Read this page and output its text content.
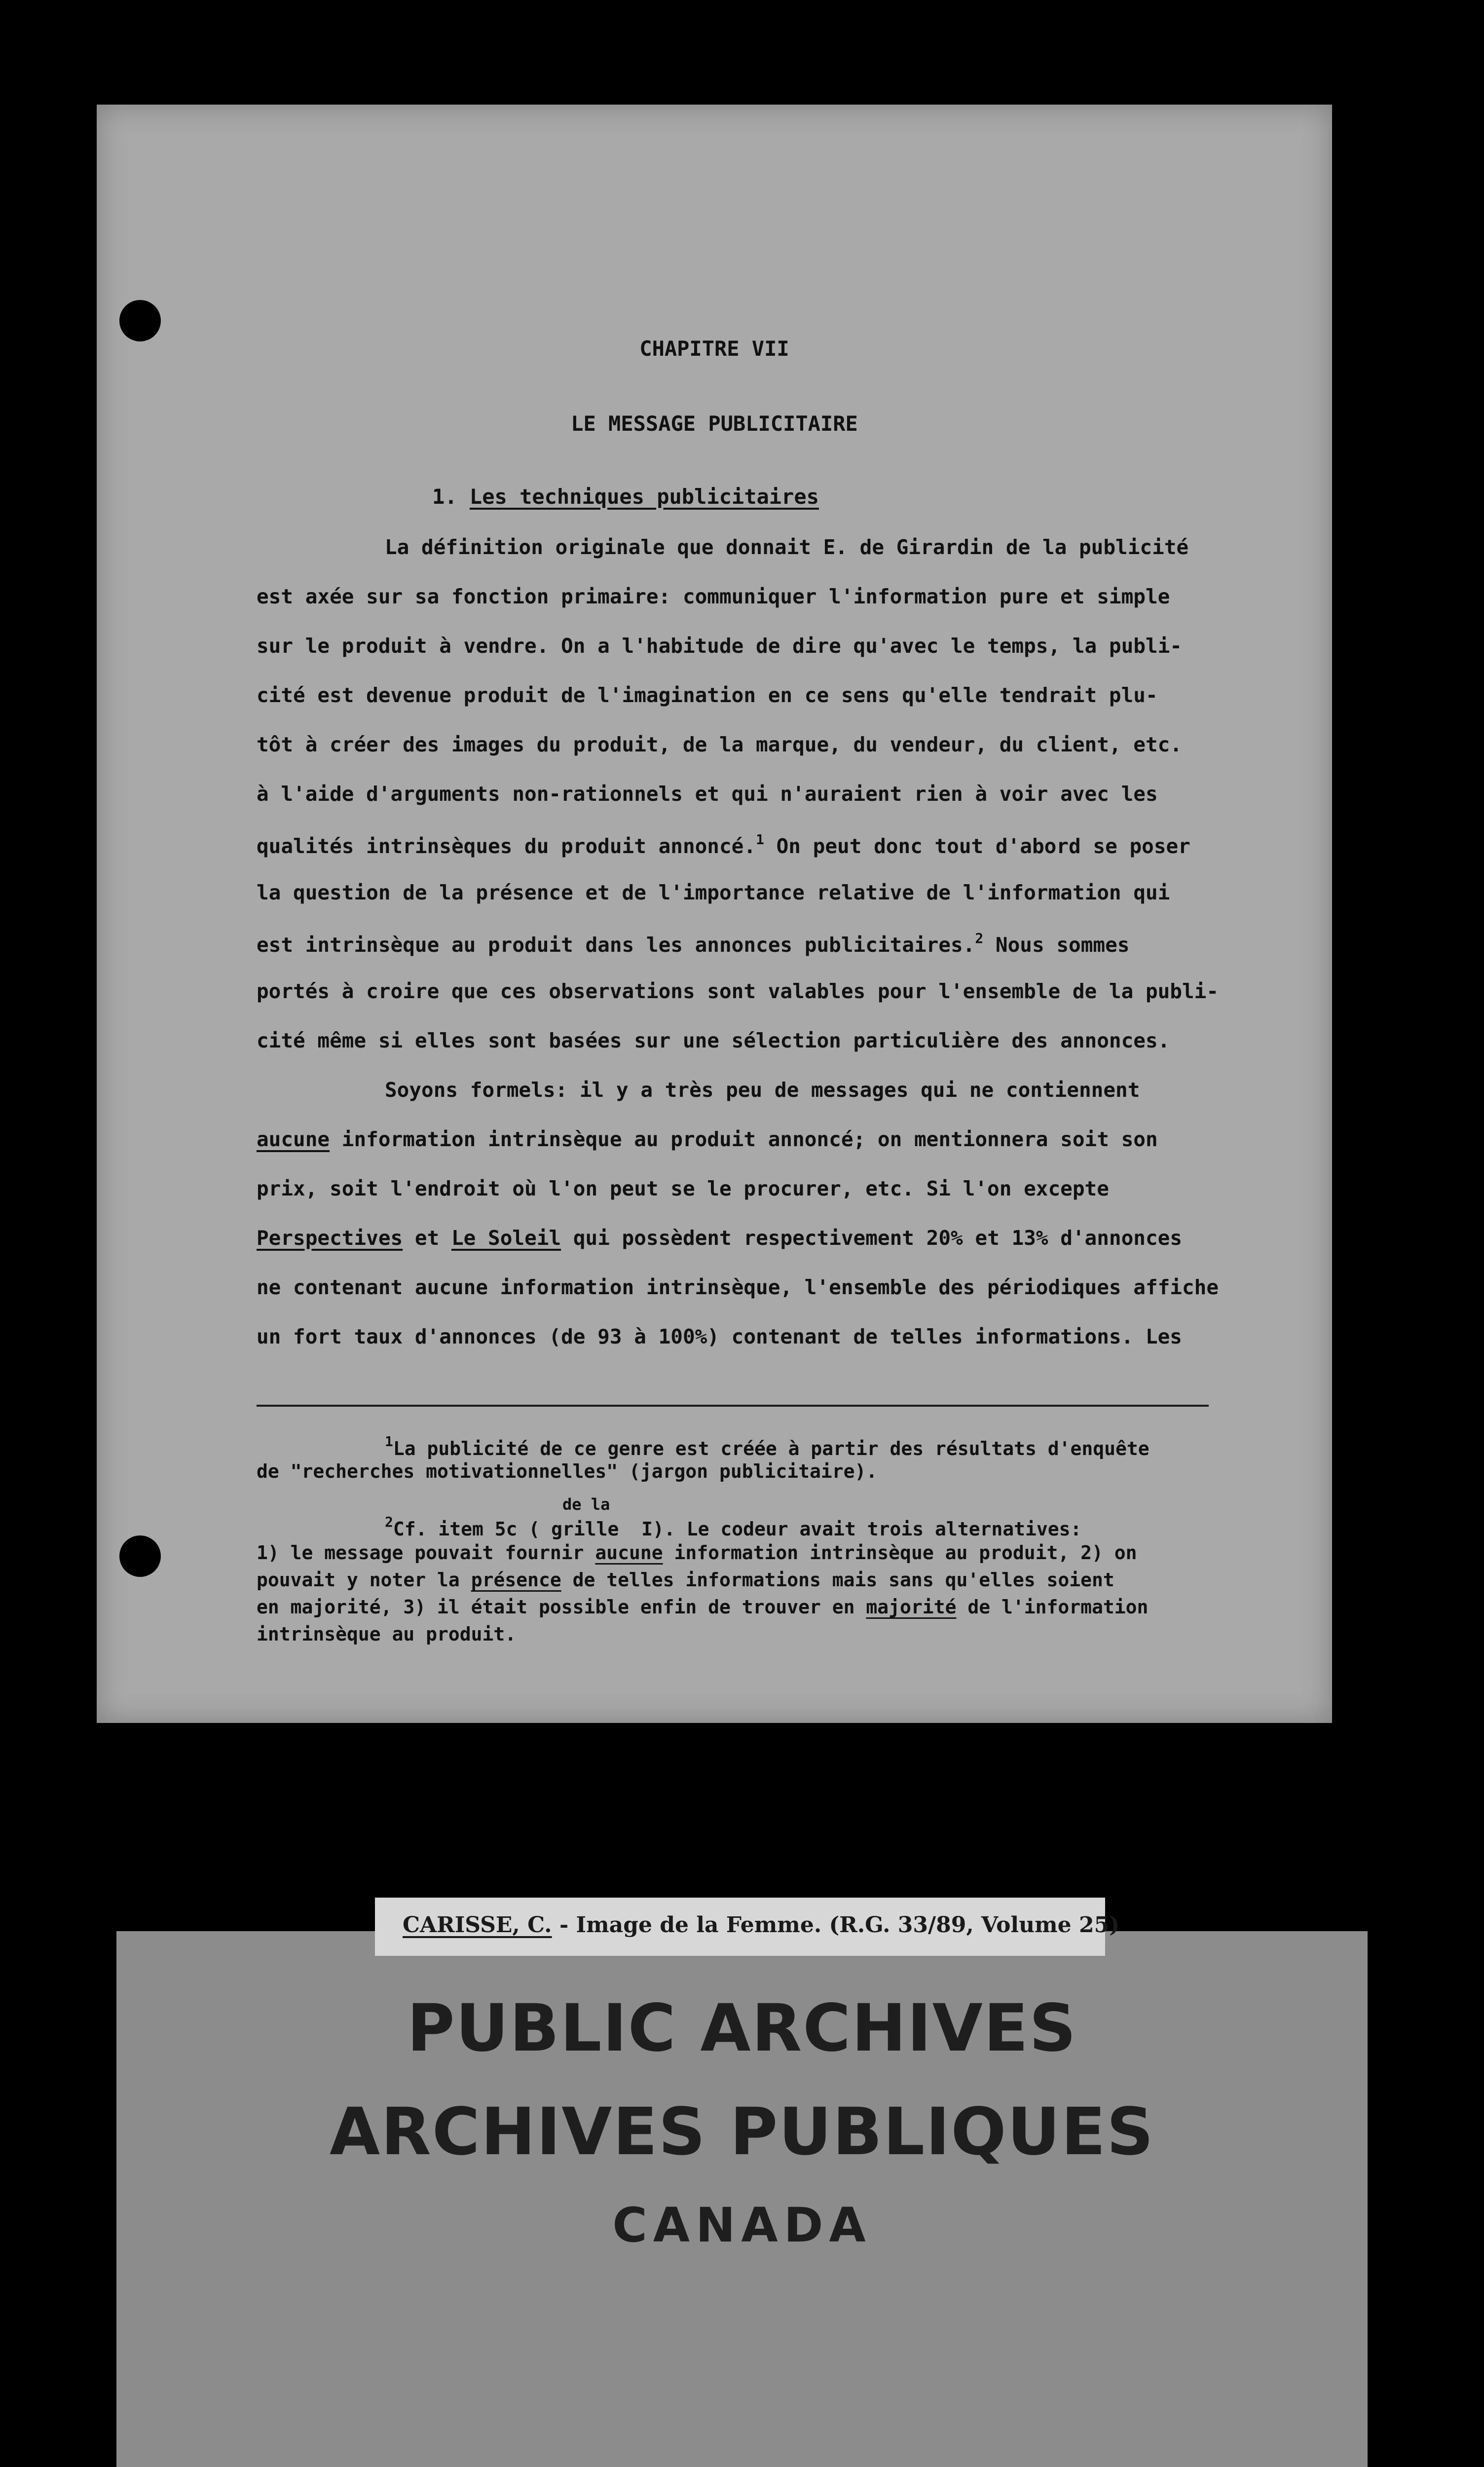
CHAPITRE VII
LE MESSAGE PUBLICITAIRE
1. Les techniques publicitaires
La définition originale que donnait E. de Girardin de la publicité
est axée sur sa fonction primaire: communiquer l'information pure et simple
sur le produit à vendre. On a l'habitude de dire qu'avec le temps, la publi-
cité est devenue produit de l'imagination en ce sens qu'elle tendrait plu-
tôt à créer des images du produit, de la marque, du vendeur, du client, etc.
à l'aide d'arguments non-rationnels et qui n'auraient rien à voir avec les
qualités intrinsèques du produit annoncé.$^1$ On peut donc tout d'abord se poser
la question de la présence et de l'importance relative de l'information qui
est intrinsèque au produit dans les annonces publicitaires.$^2$ Nous sommes
portés à croire que ces observations sont valables pour l'ensemble de la publi-
cité même si elles sont basées sur une sélection particulière des annonces.
Soyons formels: il y a très peu de messages qui ne contiennent
aucune information intrinsèque au produit annoncé; on mentionnera soit son
prix, soit l'endroit où l'on peut se le procurer, etc. Si l'on excepte
Perspectives et Le Soleil qui possèdent respectivement 20% et 13% d'annonces
ne contenant aucune information intrinsèque, l'ensemble des périodiques affiche
un fort taux d'annonces (de 93 à 100%) contenant de telles informations. Les
$^1$La publicité de ce genre est créée à partir des résultats d'enquête
de "recherches motivationnelles" (jargon publicitaire).
de la
$^2$Cf. item 5c ( grille  I). Le codeur avait trois alternatives:
1) le message pouvait fournir aucune information intrinsèque au produit, 2) on
pouvait y noter la présence de telles informations mais sans qu'elles soient
en majorité, 3) il était possible enfin de trouver en majorité de l'information
intrinsèque au produit.
PUBLIC ARCHIVES
ARCHIVES PUBLIQUES
CANADA
CARISSE, C. - Image de la Femme. (R.G. 33/89, Volume 25)
